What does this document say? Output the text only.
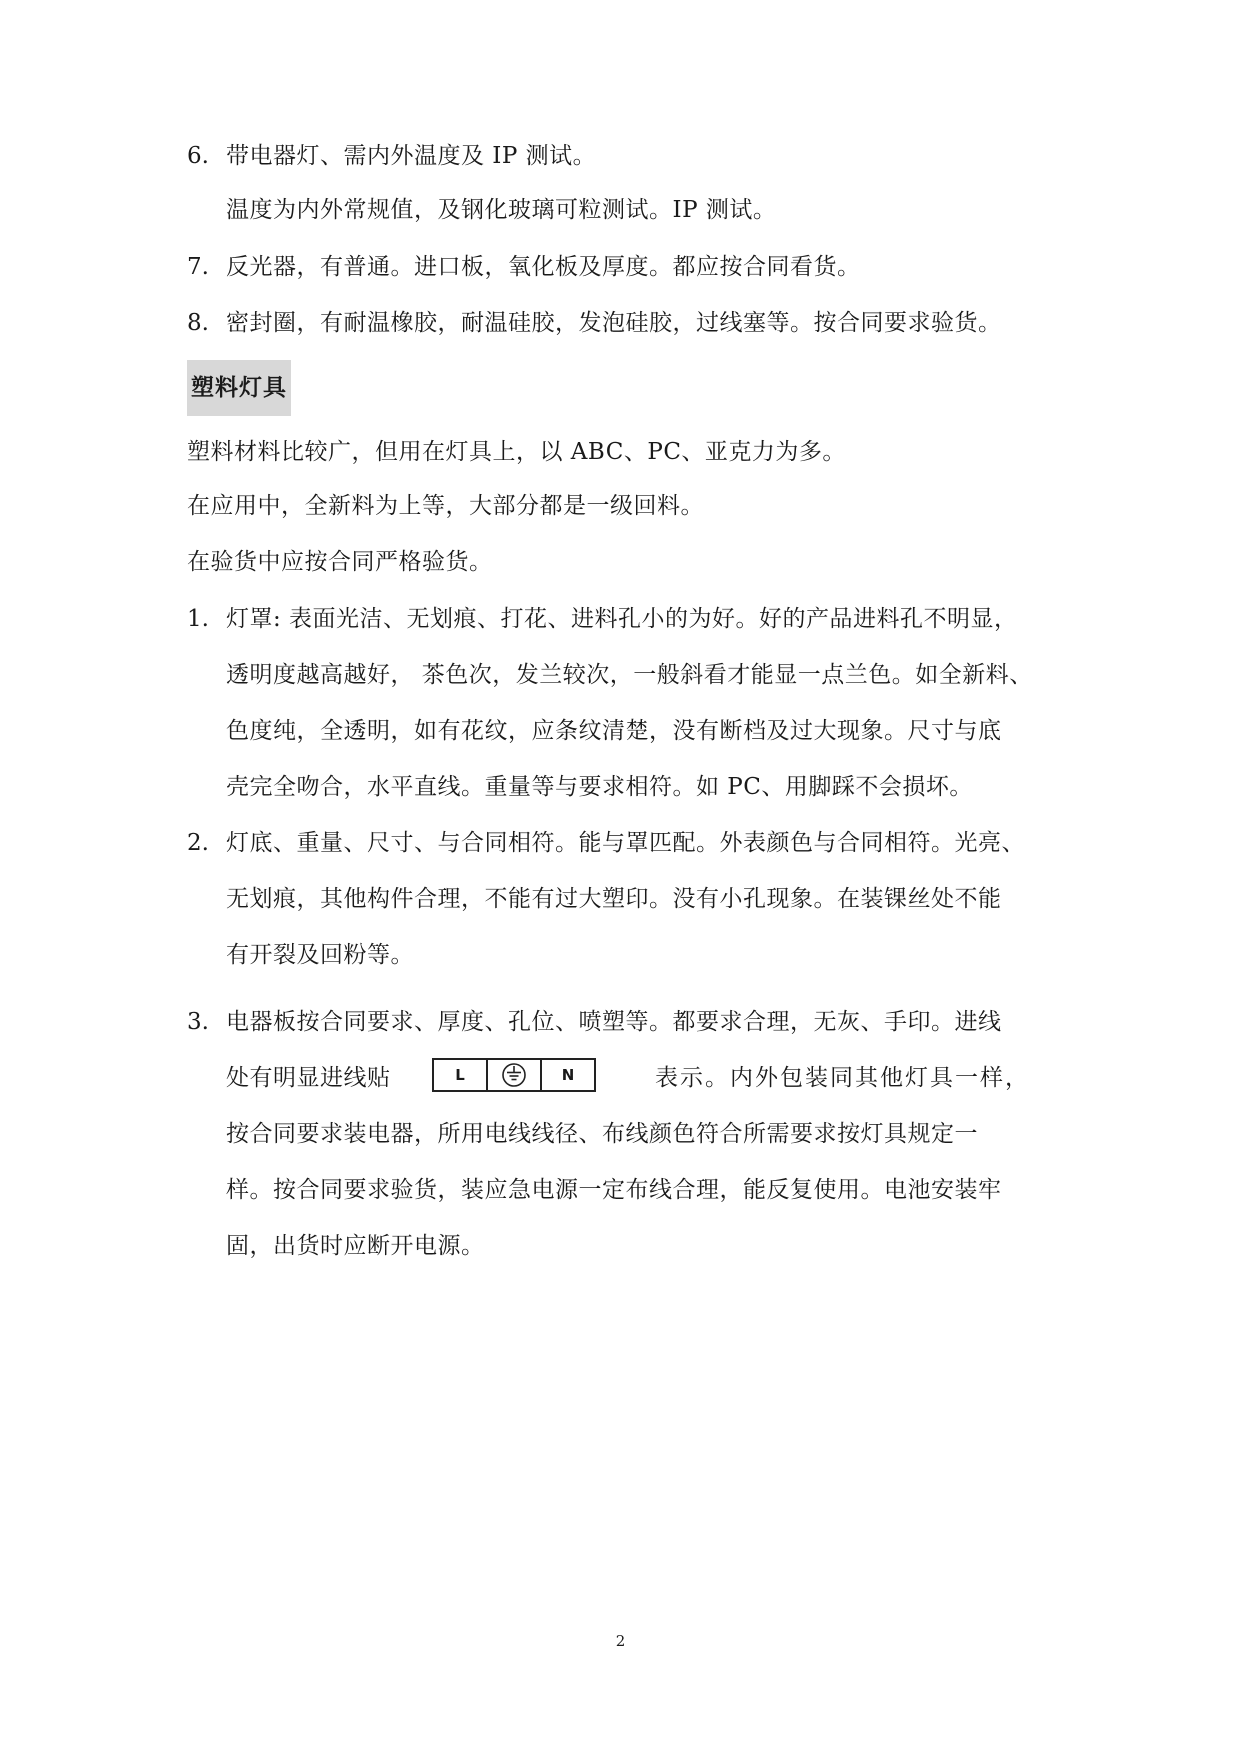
6. 带电器灯、需内外温度及 IP 测试。
温度为内外常规值，及钢化玻璃可粒测试。IP 测试。
7. 反光器，有普通。进口板，氧化板及厚度。都应按合同看货。
8. 密封圈，有耐温橡胶，耐温硅胶，发泡硅胶，过线塞等。按合同要求验货。
塑料灯具
塑料材料比较广，但用在灯具上，以 ABC、PC、亚克力为多。
在应用中，全新料为上等，大部分都是一级回料。
在验货中应按合同严格验货。
1. 灯罩: 表面光洁、无划痕、打花、进料孔小的为好。好的产品进料孔不明显，
透明度越高越好， 茶色次，发兰较次，一般斜看才能显一点兰色。如全新料、
色度纯，全透明，如有花纹，应条纹清楚，没有断档及过大现象。尺寸与底
壳完全吻合，水平直线。重量等与要求相符。如 PC、用脚踩不会损坏。
2. 灯底、重量、尺寸、与合同相符。能与罩匹配。外表颜色与合同相符。光亮、
无划痕，其他构件合理，不能有过大塑印。没有小孔现象。在装锞丝处不能
有开裂及回粉等。
3. 电器板按合同要求、厚度、孔位、喷塑等。都要求合理，无灰、手印。进线
处有明显进线贴	L	N	表示。内外包装同其他灯具一样，
按合同要求装电器，所用电线线径、布线颜色符合所需要求按灯具规定一
样。按合同要求验货，装应急电源一定布线合理，能反复使用。电池安装牢
固，出货时应断开电源。
2
